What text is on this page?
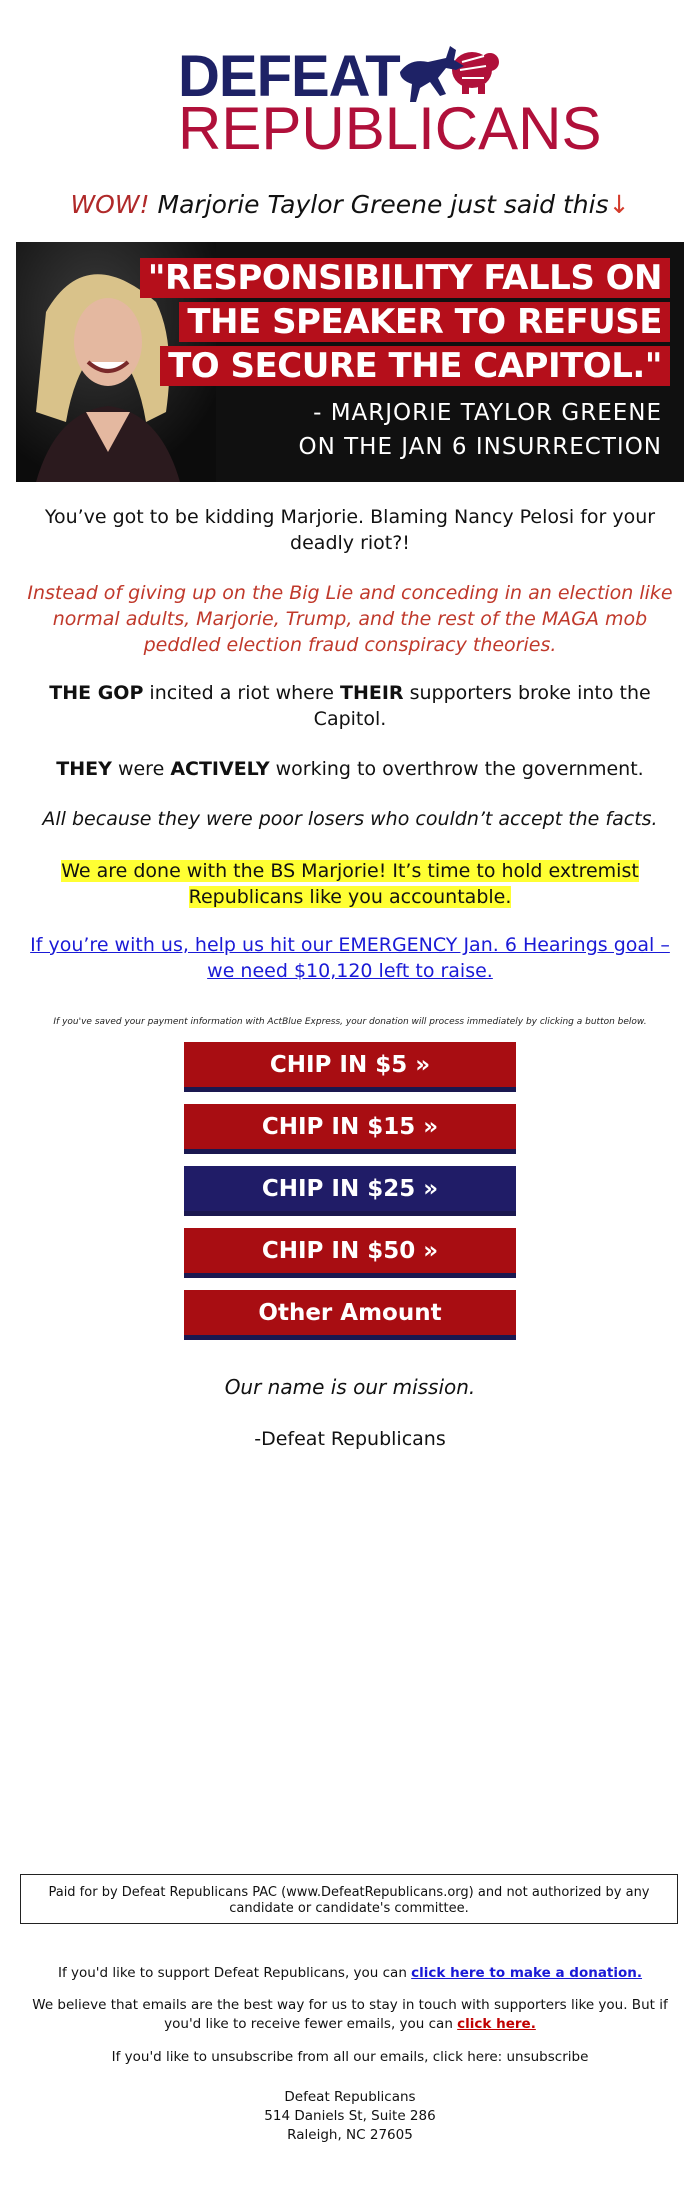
DEFEAT
REPUBLICANS
WOW! Marjorie Taylor Greene just said this↓
"RESPONSIBILITY FALLS ON
THE SPEAKER TO REFUSE
TO SECURE THE CAPITOL."
- MARJORIE TAYLOR GREENE
ON THE JAN 6 INSURRECTION
You’ve got to be kidding Marjorie. Blaming Nancy Pelosi for your deadly riot?!
Instead of giving up on the Big Lie and conceding in an election like normal adults, Marjorie, Trump, and the rest of the MAGA mob peddled election fraud conspiracy theories.
THE GOP incited a riot where THEIR supporters broke into the Capitol.
THEY were ACTIVELY working to overthrow the government.
All because they were poor losers who couldn’t accept the facts.
We are done with the BS Marjorie! It’s time to hold extremist Republicans like you accountable.
If you’re with us, help us hit our EMERGENCY Jan. 6 Hearings goal – we need $10,120 left to raise.
If you've saved your payment information with ActBlue Express, your donation will process immediately by clicking a button below.
CHIP IN $5 »
CHIP IN $15 »
CHIP IN $25 »
CHIP IN $50 »
Other Amount
Our name is our mission.
-Defeat Republicans
Paid for by Defeat Republicans PAC (www.DefeatRepublicans.org) and not authorized by any candidate or candidate's committee.
If you'd like to support Defeat Republicans, you can click here to make a donation.
We believe that emails are the best way for us to stay in touch with supporters like you. But if you'd like to receive fewer emails, you can click here.
If you'd like to unsubscribe from all our emails, click here: unsubscribe
Defeat Republicans
514 Daniels St, Suite 286
Raleigh, NC 27605
